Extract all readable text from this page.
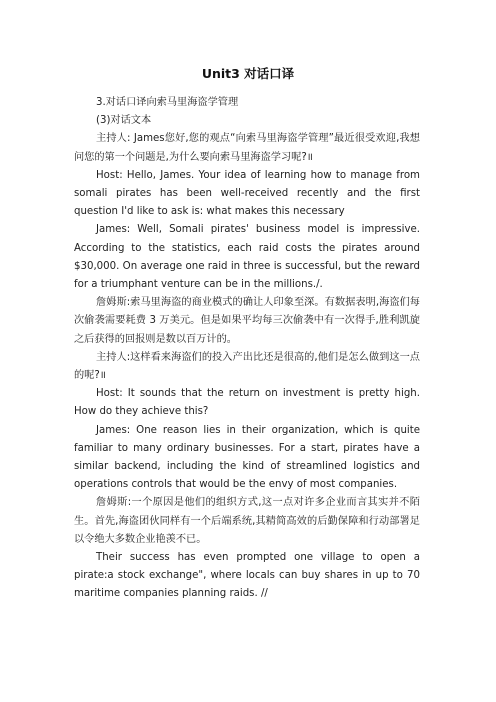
Unit3 对话口译

3.对话口译向索马里海盗学管理

(3)对话文本

主持人: James您好,您的观点“向索马里海盗学管理”最近很受欢迎,我想问您的第一个问题是,为什么要向索马里海盗学习呢?॥

Host: Hello, James. Your idea of learning how to manage from somali pirates has been well-received recently and the first question I'd like to ask is: what makes this necessary

James: Well, Somali pirates' business model is impressive. According to the statistics, each raid costs the pirates around $30,000. On average one raid in three is successful, but the reward for a triumphant venture can be in the millions./.

詹姆斯:索马里海盗的商业模式的确让人印象至深。有数据表明,海盗们每次偷袭需要耗费 3 万美元。但是如果平均每三次偷袭中有一次得手,胜利凯旋之后获得的回报则是数以百万计的。

主持人:这样看来海盗们的投入产出比还是很高的,他们是怎么做到这一点的呢?॥

Host: It sounds that the return on investment is pretty high. How do they achieve this?

James: One reason lies in their organization, which is quite familiar to many ordinary businesses. For a start, pirates have a similar backend, including the kind of streamlined logistics and operations controls that would be the envy of most companies.

詹姆斯:一个原因是他们的组织方式,这一点对许多企业而言其实并不陌生。首先,海盗团伙同样有一个后端系统,其精简高效的后勤保障和行动部署足以令绝大多数企业艳羡不已。

Their success has even prompted one village to open a pirate:a stock exchange", where locals can buy shares in up to 70 maritime companies planning raids. //
